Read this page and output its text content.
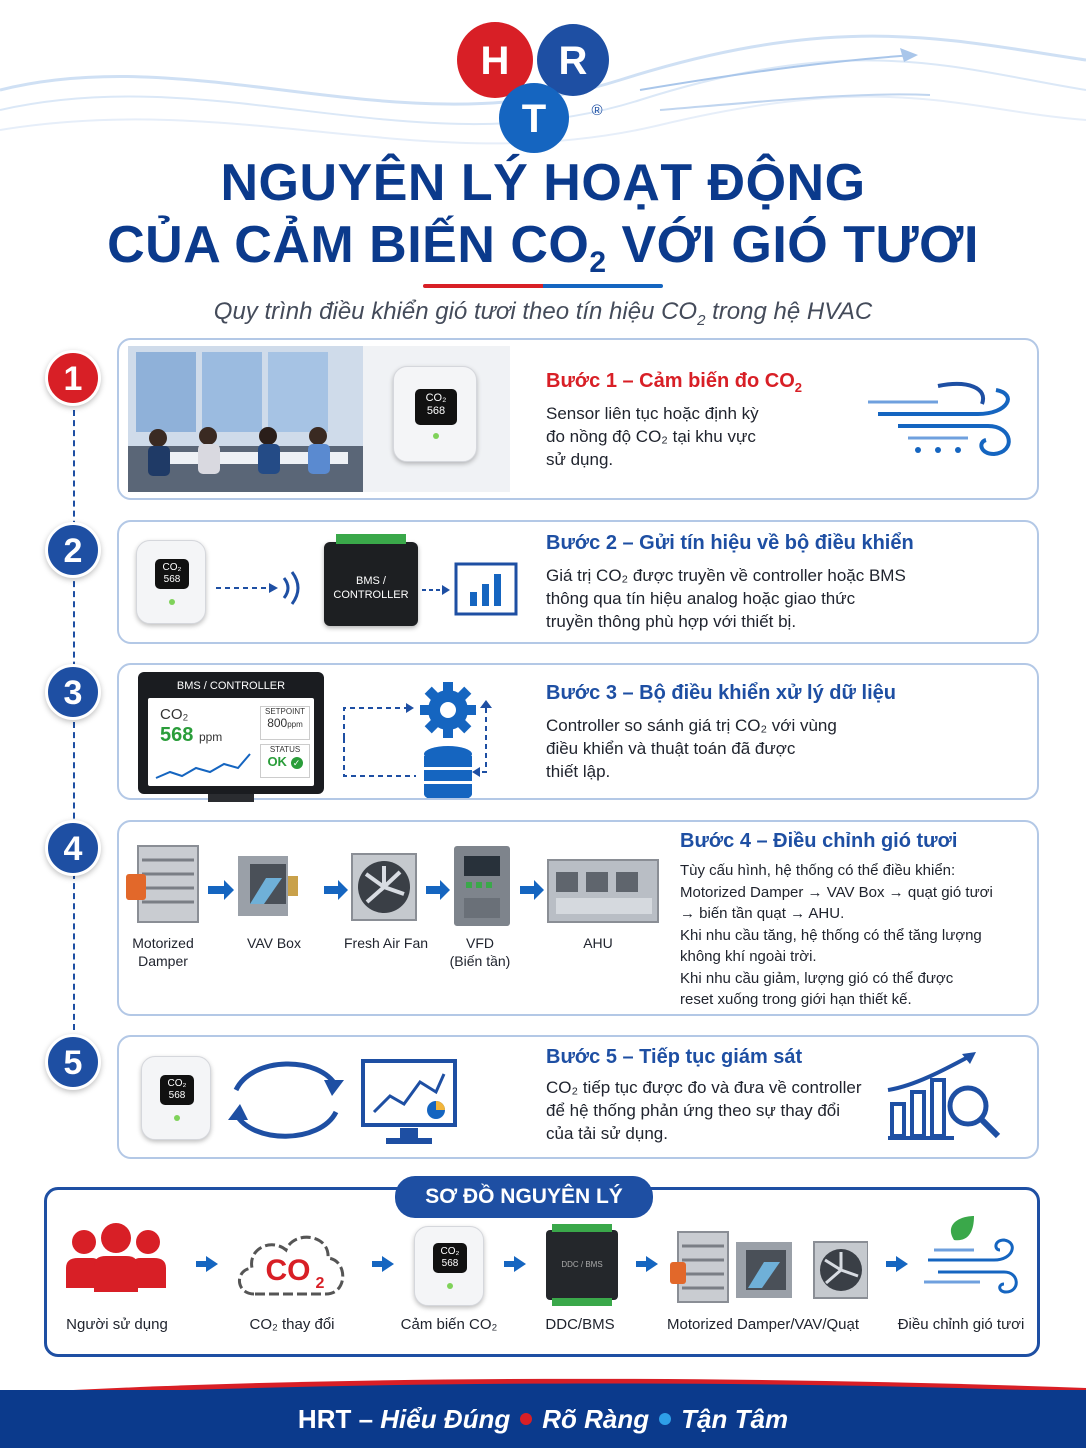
H R
T	®
NGUYÊN LÝ HOẠT ĐỘNG
CỦA CẢM BIẾN $CO_2$ VỚI GIÓ TƯƠI
Quy trình điều khiển gió tươi theo tín hiệu $CO_2$ trong hệ HVAC
1
2
3
4
5
CO₂
568
Bước 1 – Cảm biến đo $CO_2$
Sensor liên tục hoặc định kỳ
đo nồng độ CO₂ tại khu vực
sử dụng.
CO₂
568	BMS /
CONTROLLER
Bước 2 – Gửi tín hiệu về bộ điều khiển
Giá trị CO₂ được truyền về controller hoặc BMS
thông qua tín hiệu analog hoặc giao thức
truyền thông phù hợp với thiết bị.
BMS / CONTROLLER
CO₂
568 ppm
SETPOINT
800ppm
STATUS
OK ✓
Bước 3 – Bộ điều khiển xử lý dữ liệu
Controller so sánh giá trị CO₂ với vùng
điều khiển và thuật toán đã được
thiết lập.
Motorized
Damper
VAV Box	Fresh Air Fan	VFD
(Biến tần)
AHU
Bước 4 – Điều chỉnh gió tươi
Tùy cấu hình, hệ thống có thể điều khiển:
Motorized Damper → VAV Box → quạt gió tươi
→ biến tần quạt → AHU.
Khi nhu cầu tăng, hệ thống có thể tăng lượng
không khí ngoài trời.
Khi nhu cầu giảm, lượng gió có thể được
reset xuống trong giới hạn thiết kế.
CO₂
568
Bước 5 – Tiếp tục giám sát
CO₂ tiếp tục được đo và đưa về controller
để hệ thống phản ứng theo sự thay đổi
của tải sử dụng.
SƠ ĐỒ NGUYÊN LÝ
CO 2
CO₂
568	DDC / BMS
Người sử dụng	CO₂ thay đổi	Cảm biến CO₂	DDC/BMS	Motorized Damper/VAV/Quạt	Điều chỉnh gió tươi
HRT – Hiểu Đúng Rõ Ràng Tận Tâm
